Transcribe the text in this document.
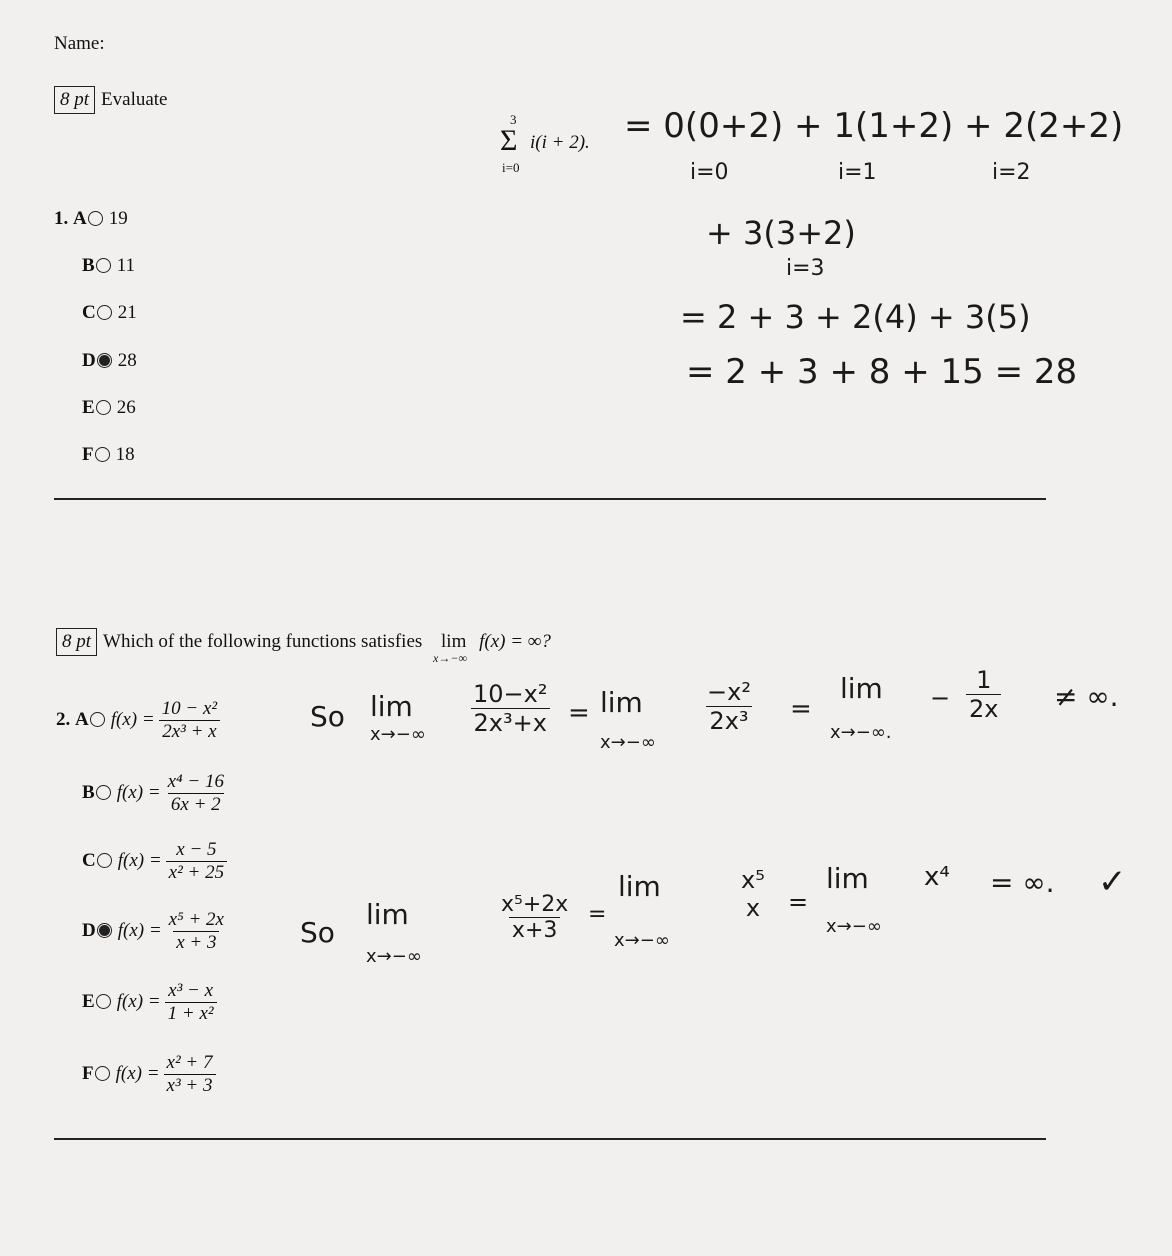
Name:
8 pt Evaluate
3
Σ
i=0
i(i + 2). = 0(0+2) + 1(1+2) + 2(2+2)
i=0	i=1	i=2
+ 3(3+2)
i=3
= 2 + 3 + 2(4) + 3(5)
= 2 + 3 + 8 + 15 = 28
1. A 19
B 11
C 21
D 28
E 26
F 18
8 pt Which of the following functions satisfies lim
x→−∞
f(x) = ∞?
2. A $f(x) = \frac{\text{10 − x²}}{\text{2x³ + x}}$
B $f(x) = \frac{\text{x⁴ − 16}}{6x + 2}$
C $f(x) = \frac{x - 5}{\text{x² + 25}}$
D $f(x) = \frac{\text{x⁵ + 2x}}{x + 3}$
E $f(x) = \frac{\text{x³ − x}}{\text{1 + x²}}$
F $f(x) = \frac{\text{x² + 7}}{\text{x³ + 3}}$
So lim
$x\to-\infty \frac{\text{10−x²}}{\text{2x³+x}} = \lim$
x→−∞
$\frac{\text{−x²}}{\text{2x³}}$ =
lim
x→−∞.
− $\frac{1}{2x}$ ≠ ∞.
So
lim
x→−∞
$\frac{\text{x⁵+2x}}{x+3}$ =
lim
x→−∞
x⁵
x =
lim
x→−∞
x⁴ = ∞. ✓
